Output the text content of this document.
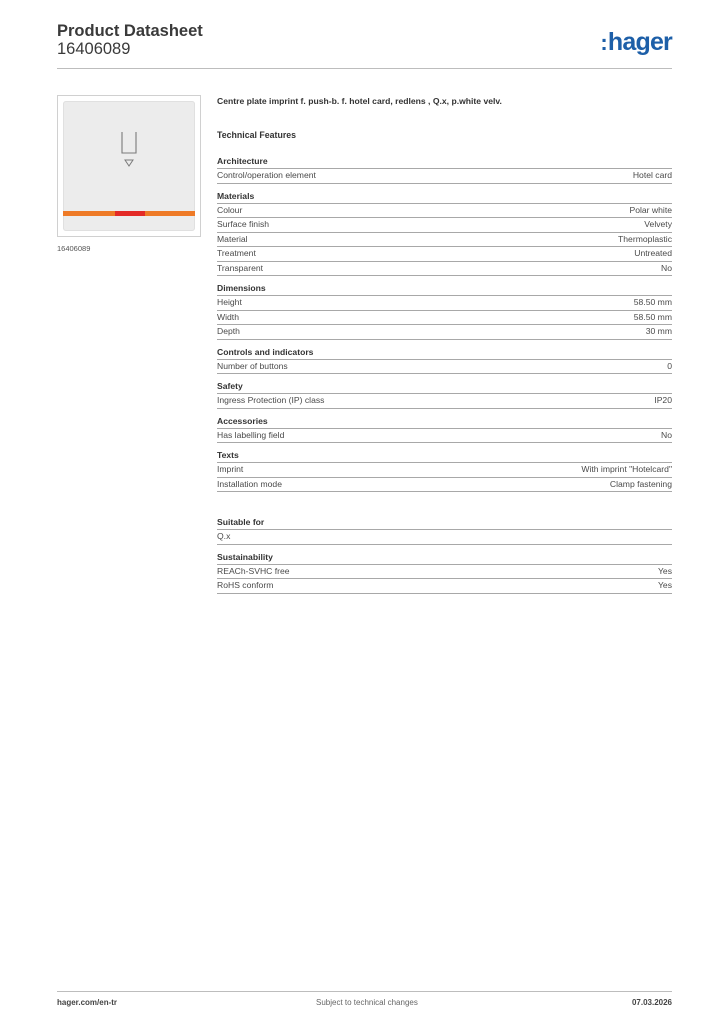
Product Datasheet
16406089	:hager
16406089
Centre plate imprint f. push-b. f. hotel card, redlens , Q.x, p.white velv.
Technical Features
Architecture
Control/operation element	Hotel card
Materials
Colour	Polar white
Surface finish	Velvety
Material	Thermoplastic
Treatment	Untreated
Transparent	No
Dimensions
Height	58.50 mm
Width	58.50 mm
Depth	30 mm
Controls and indicators
Number of buttons	0
Safety
Ingress Protection (IP) class	IP20
Accessories
Has labelling field	No
Texts
Imprint	With imprint "Hotelcard"
Installation mode	Clamp fastening
Suitable for
Q.x
Sustainability
REACh-SVHC free	Yes
RoHS conform	Yes
hager.com/en-tr	Subject to technical changes	07.03.2026
